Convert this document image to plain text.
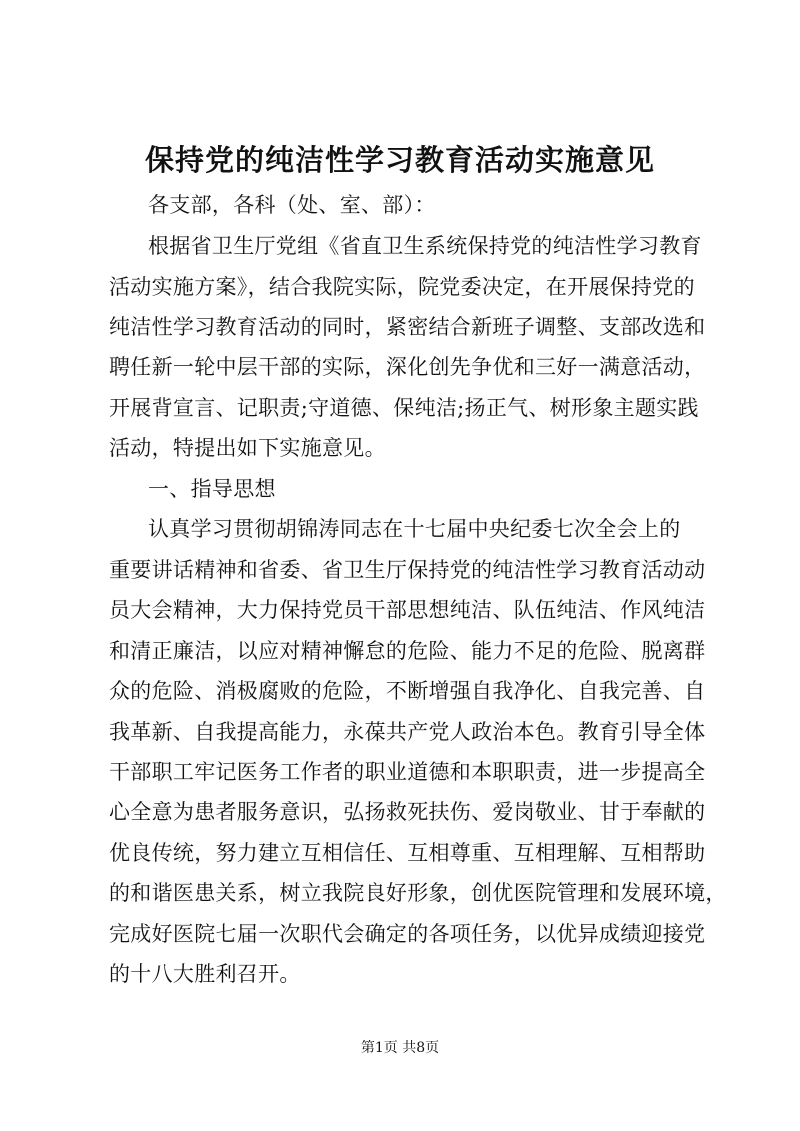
保持党的纯洁性学习教育活动实施意见
各支部，各科（处、室、部）：
根据省卫生厅党组《省直卫生系统保持党的纯洁性学习教育
活动实施方案》，结合我院实际，院党委决定，在开展保持党的
纯洁性学习教育活动的同时，紧密结合新班子调整、支部改选和
聘任新一轮中层干部的实际，深化创先争优和三好一满意活动，
开展背宣言、记职责;守道德、保纯洁;扬正气、树形象主题实践
活动，特提出如下实施意见。
一、指导思想
认真学习贯彻胡锦涛同志在十七届中央纪委七次全会上的
重要讲话精神和省委、省卫生厅保持党的纯洁性学习教育活动动
员大会精神，大力保持党员干部思想纯洁、队伍纯洁、作风纯洁
和清正廉洁，以应对精神懈怠的危险、能力不足的危险、脱离群
众的危险、消极腐败的危险，不断增强自我净化、自我完善、自
我革新、自我提高能力，永葆共产党人政治本色。教育引导全体
干部职工牢记医务工作者的职业道德和本职职责，进一步提高全
心全意为患者服务意识，弘扬救死扶伤、爱岗敬业、甘于奉献的
优良传统，努力建立互相信任、互相尊重、互相理解、互相帮助
的和谐医患关系，树立我院良好形象，创优医院管理和发展环境，
完成好医院七届一次职代会确定的各项任务，以优异成绩迎接党
的十八大胜利召开。
第1页 共8页
